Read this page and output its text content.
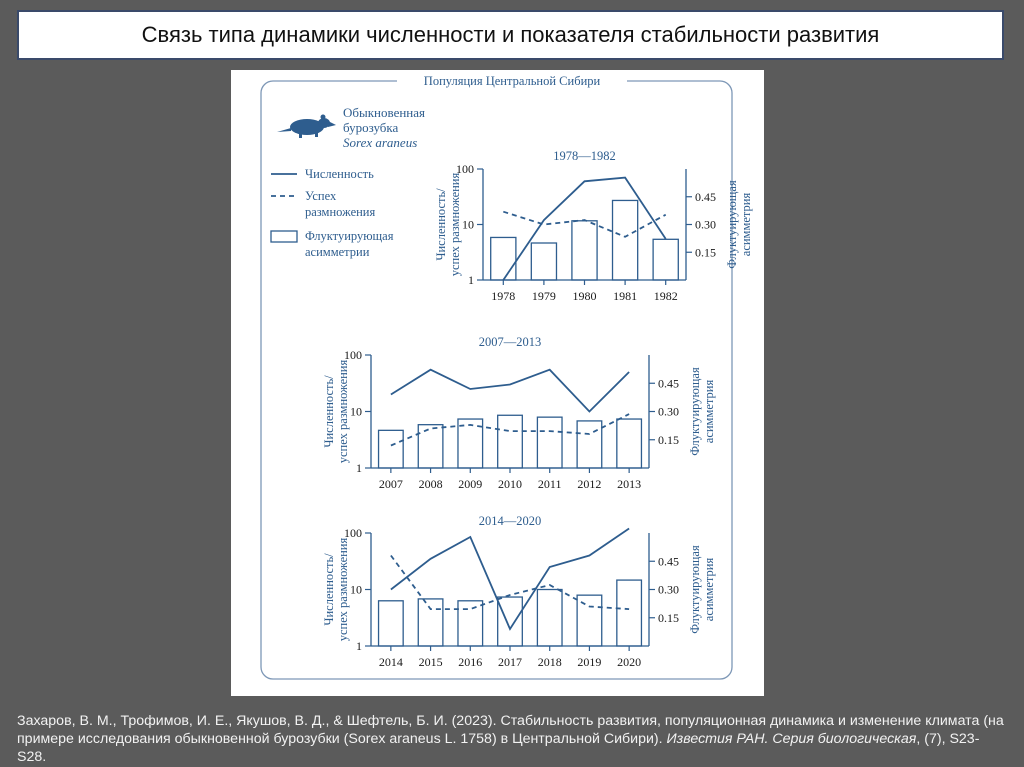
Связь типа динамики численности и показателя стабильности развития
Популяция Центральной Сибири
Обыкновенная
бурозубка
Sorex araneus
Численность
Успех
размножения
Флуктуирующая
асимметрии
1978—1982
1
10
100
0.45
0.30
0.15
1978 1979 1980 1981 1982
Численность/ успех размножения	Флуктуирующая асимметрия
2007—2013
1
10
100
0.45
0.30
0.15
2007 2008 2009 2010 2011 2012 2013
Численность/ успех размножения	Флуктуирующая асимметрия
2014—2020
1
10
100
0.45
0.30
0.15
2014 2015 2016 2017 2018 2019 2020
Численность/ успех размножения	Флуктуирующая асимметрия
Захаров, В. М., Трофимов, И. Е., Якушов, В. Д., & Шефтель, Б. И. (2023). Стабильность развития, популяционная динамика и изменение климата (на примере исследования обыкновенной бурозубки (Sorex araneus L. 1758) в Центральной Сибири). Известия РАН. Серия биологическая, (7), S23-S28.
